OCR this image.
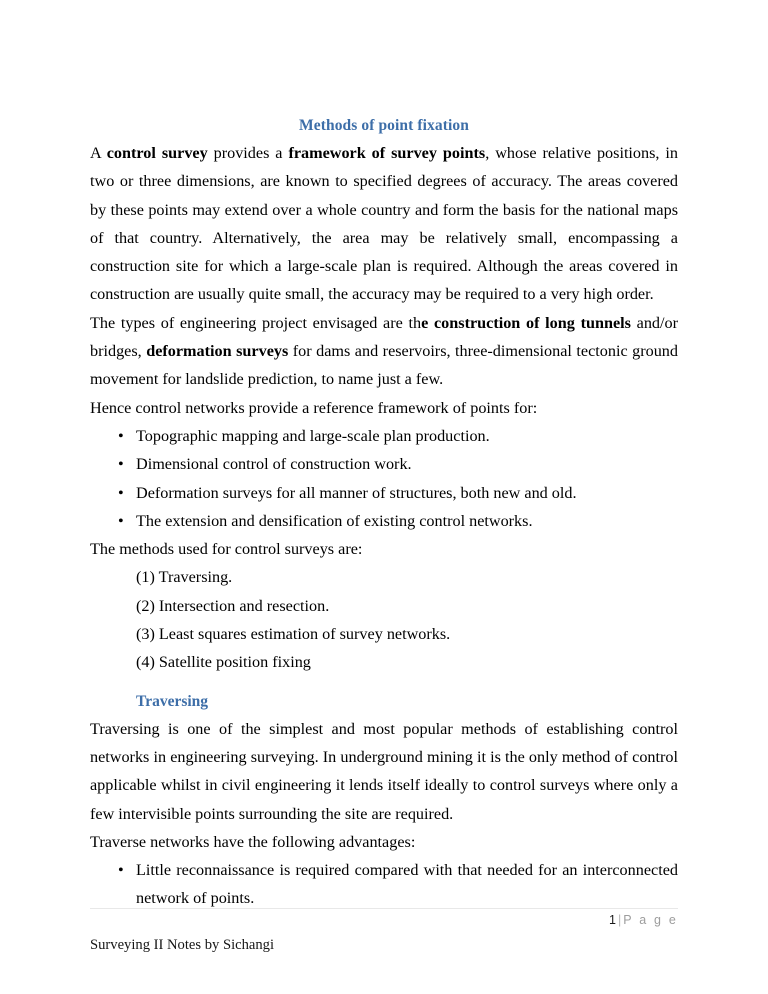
Methods of point fixation

A control survey provides a framework of survey points, whose relative positions, in two or three dimensions, are known to specified degrees of accuracy. The areas covered by these points may extend over a whole country and form the basis for the national maps of that country. Alternatively, the area may be relatively small, encompassing a construction site for which a large-scale plan is required. Although the areas covered in construction are usually quite small, the accuracy may be required to a very high order.

The types of engineering project envisaged are the construction of long tunnels and/or bridges, deformation surveys for dams and reservoirs, three-dimensional tectonic ground movement for landslide prediction, to name just a few.

Hence control networks provide a reference framework of points for:

• Topographic mapping and large-scale plan production.
• Dimensional control of construction work.
• Deformation surveys for all manner of structures, both new and old.
• The extension and densification of existing control networks.

The methods used for control surveys are:

(1) Traversing.
(2) Intersection and resection.
(3) Least squares estimation of survey networks.
(4) Satellite position fixing
Traversing

Traversing is one of the simplest and most popular methods of establishing control networks in engineering surveying. In underground mining it is the only method of control applicable whilst in civil engineering it lends itself ideally to control surveys where only a few intervisible points surrounding the site are required.

Traverse networks have the following advantages:

• Little reconnaissance is required compared with that needed for an interconnected network of points.
1 | P a g e
Surveying II Notes by Sichangi
